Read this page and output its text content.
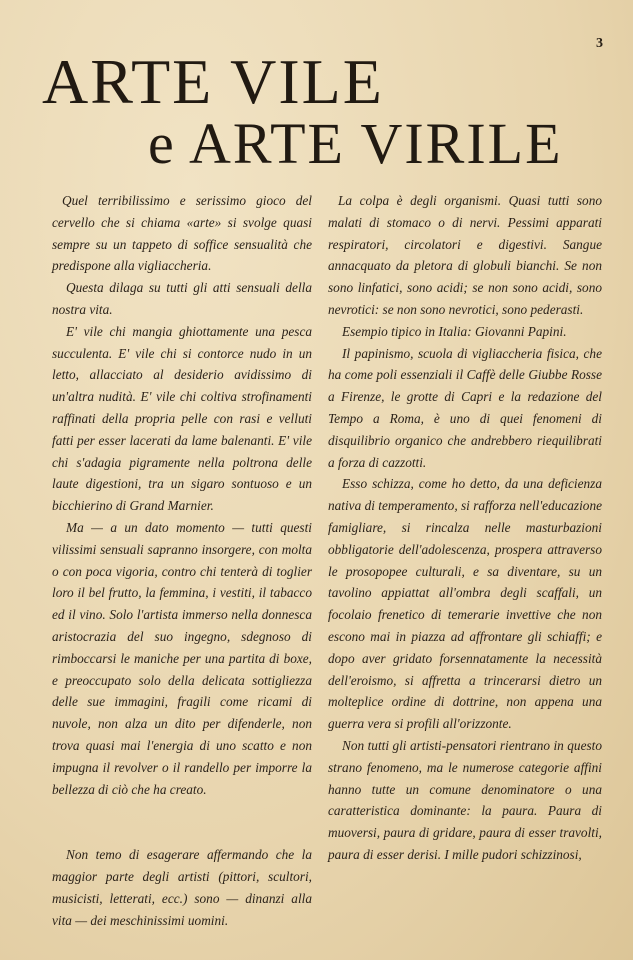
3
ARTE VILE
e ARTE VIRILE

Quel terribilissimo e serissimo gioco del cervello che si chiama «arte» si svolge quasi sempre su un tappeto di soffice sensualità che predispone alla vigliaccheria.

Questa dilaga su tutti gli atti sensuali della nostra vita.

E' vile chi mangia ghiottamente una pesca succulenta. E' vile chi si contorce nudo in un letto, allacciato al desiderio avidissimo di un'altra nudità. E' vile chi coltiva strofinamenti raffinati della propria pelle con rasi e velluti fatti per esser lacerati da lame balenanti. E' vile chi s'adagia pigramente nella poltrona delle laute digestioni, tra un sigaro sontuoso e un bicchierino di Grand Marnier.

Ma — a un dato momento — tutti questi vilissimi sensuali sapranno insorgere, con molta o con poca vigoria, contro chi tenterà di toglier loro il bel frutto, la femmina, i vestiti, il tabacco ed il vino. Solo l'artista immerso nella donnesca aristocrazia del suo ingegno, sdegnoso di rimboccarsi le maniche per una partita di boxe, e preoccupato solo della delicata sottigliezza delle sue immagini, fragili come ricami di nuvole, non alza un dito per difenderle, non trova quasi mai l'energia di uno scatto e non impugna il revolver o il randello per imporre la bellezza di ciò che ha creato.

Non temo di esagerare affermando che la maggior parte degli artisti (pittori, scultori, musicisti, letterati, ecc.) sono — dinanzi alla vita — dei meschinissimi uomini.

La colpa è degli organismi. Quasi tutti sono malati di stomaco o di nervi. Pessimi apparati respiratori, circolatori e digestivi. Sangue annacquato da pletora di globuli bianchi. Se non sono linfatici, sono acidi; se non sono acidi, sono nevrotici: se non sono nevrotici, sono pederasti.

Esempio tipico in Italia: Giovanni Papini.

Il papinismo, scuola di vigliaccheria fisica, che ha come poli essenziali il Caffè delle Giubbe Rosse a Firenze, le grotte di Capri e la redazione del Tempo a Roma, è uno di quei fenomeni di disquilibrio organico che andrebbero riequilibrati a forza di cazzotti.

Esso schizza, come ho detto, da una deficienza nativa di temperamento, si rafforza nell'educazione famigliare, si rincalza nelle masturbazioni obbligatorie dell'adolescenza, prospera attraverso le prosopopee culturali, e sa diventare, su un tavolino appiattat all'ombra degli scaffali, un focolaio frenetico di temerarie invettive che non escono mai in piazza ad affrontare gli schiaffi; e dopo aver gridato forsennatamente la necessità dell'eroismo, si affretta a trincerarsi dietro un molteplice ordine di dottrine, non appena una guerra vera si profili all'orizzonte.

Non tutti gli artisti-pensatori rientrano in questo strano fenomeno, ma le numerose categorie affini hanno tutte un comune denominatore o una caratteristica dominante: la paura. Paura di muoversi, paura di gridare, paura di esser travolti, paura di esser derisi. I mille pudori schizzinosi,
